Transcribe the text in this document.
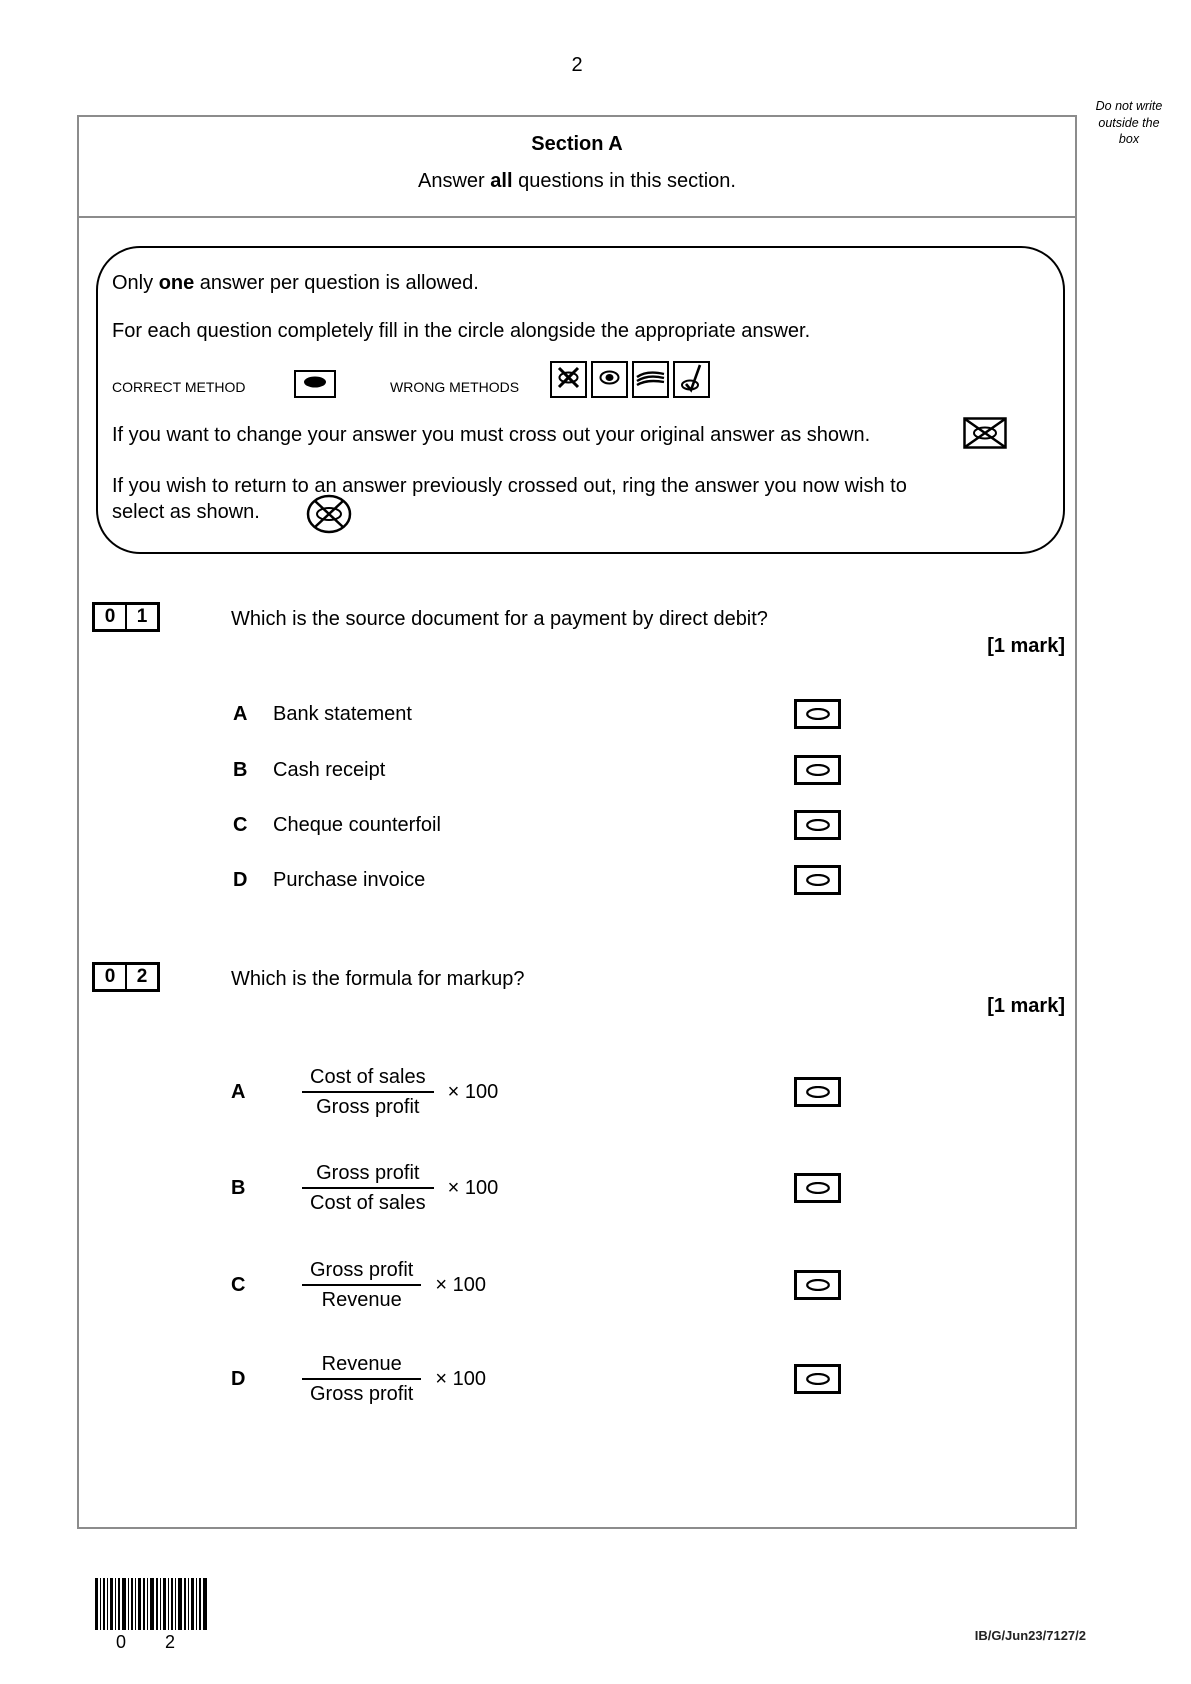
2
Do not write outside the box
Section A
Answer all questions in this section.
Only one answer per question is allowed.
For each question completely fill in the circle alongside the appropriate answer.
CORRECT METHOD	WRONG METHODS
If you want to change your answer you must cross out your original answer as shown.
If you wish to return to an answer previously crossed out, ring the answer you now wish to
select as shown.
0	1	Which is the source document for a payment by direct debit?
[1 mark]
A	Bank statement
B	Cash receipt
C	Cheque counterfoil
D	Purchase invoice
0	2	Which is the formula for markup?
[1 mark]
A	$\frac{\text{Cost of sales}}{\text{Gross profit}} \times 100$
B	$\frac{\text{Gross profit}}{\text{Cost of sales}} \times 100$
C	$\frac{\text{Gross profit}}{\text{Revenue}} \times 100$
D	$\frac{\text{Revenue}}{\text{Gross profit}} \times 100$
0 2	IB/G/Jun23/7127/2
